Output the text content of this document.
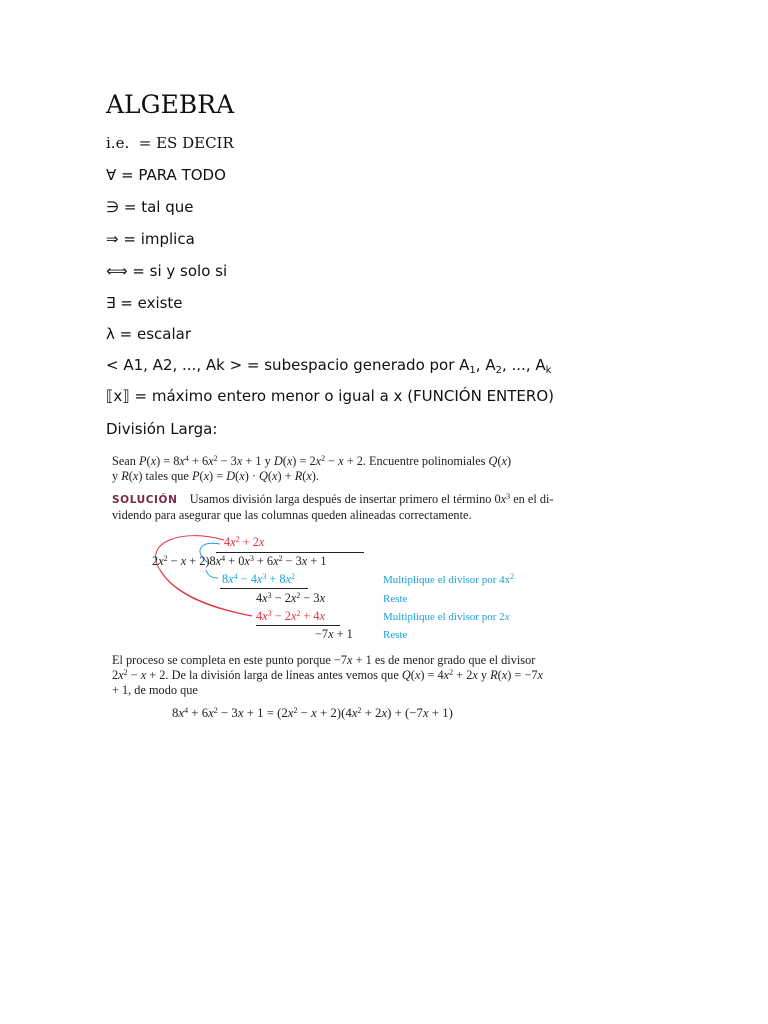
ALGEBRA
i.e. = ES DECIR
∀ = PARA TODO
∋ = tal que
⇒ = implica
⟺ = si y solo si
∃ = existe
λ = escalar
< A1, A2, ..., Ak > = subespacio generado por $A_1$, $A_2$, ..., $A_k$
⟦x⟧ = máximo entero menor o igual a x (FUNCIÓN ENTERO)
División Larga:
Sean $P(x) = 8x^4 + 6x^2 - 3x + 1$ y $D(x) = 2x^2 - x + 2$. Encuentre polinomiales Q(x)
y R(x) tales que P(x) = D(x) · Q(x) + R(x).
SOLUCIÓN    Usamos división larga después de insertar primero el término $0x^3$ en el di-
videndo para asegurar que las columnas queden alineadas correctamente.
$4x^2 + 2x$
$2x^2 - x + 2)8x^4 + 0x^3 + 6x^2 - 3x + 1$
$8x^4 - 4x^3 + 8x^2$	Multiplique el divisor por $4x^2$
$4x^3 - 2x^2 - 3x$	Reste
$4x^3 - 2x^2 + 4x$	Multiplique el divisor por 2x
−7x + 1	Reste
El proceso se completa en este punto porque −7x + 1 es de menor grado que el divisor
$2x^2 - x + 2$. De la división larga de líneas antes vemos que $Q(x) = 4x^2 + 2x$ y R(x) = −7x
+ 1, de modo que
$8x^4 + 6x^2 - 3x + 1 = (2x^2 - x + 2)(4x^2 + 2x) + (-7x + 1)$
